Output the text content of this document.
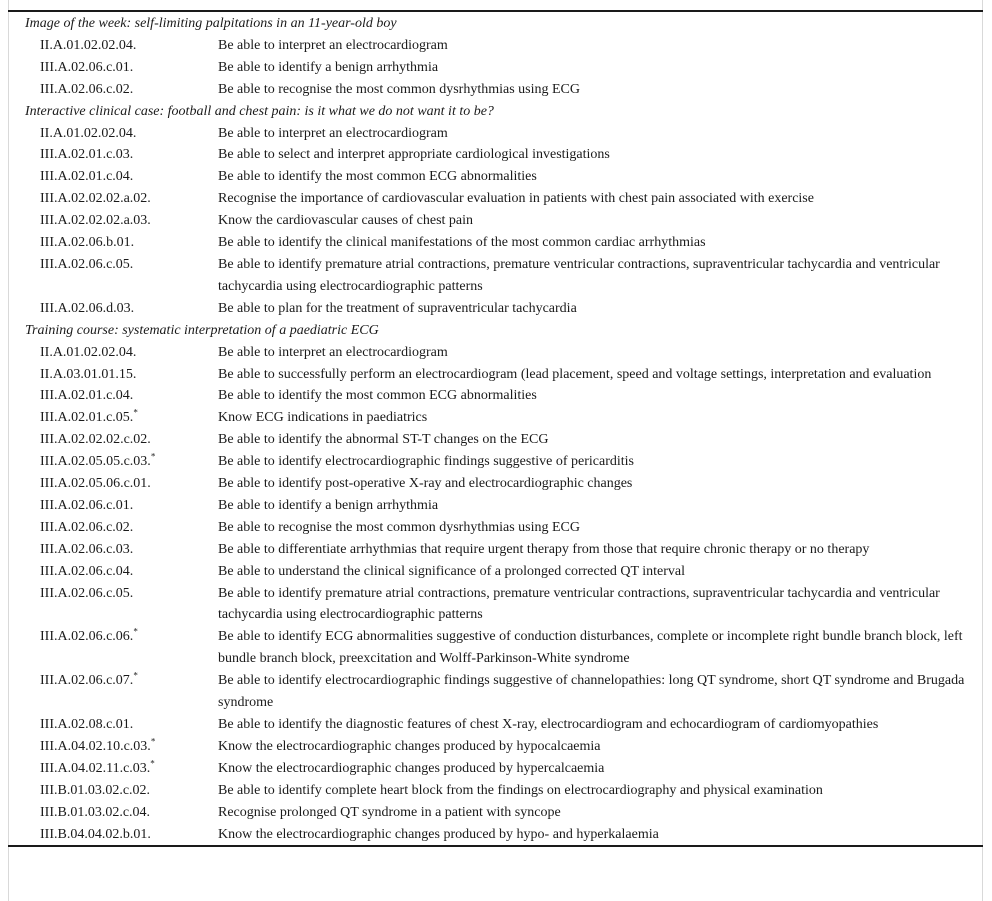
Image of the week: self-limiting palpitations in an 11-year-old boy
II.A.01.02.02.04.	Be able to interpret an electrocardiogram
III.A.02.06.c.01.	Be able to identify a benign arrhythmia
III.A.02.06.c.02.	Be able to recognise the most common dysrhythmias using ECG
Interactive clinical case: football and chest pain: is it what we do not want it to be?
II.A.01.02.02.04.	Be able to interpret an electrocardiogram
III.A.02.01.c.03.	Be able to select and interpret appropriate cardiological investigations
III.A.02.01.c.04.	Be able to identify the most common ECG abnormalities
III.A.02.02.02.a.02.	Recognise the importance of cardiovascular evaluation in patients with chest pain associated with exercise
III.A.02.02.02.a.03.	Know the cardiovascular causes of chest pain
III.A.02.06.b.01.	Be able to identify the clinical manifestations of the most common cardiac arrhythmias
III.A.02.06.c.05.	Be able to identify premature atrial contractions, premature ventricular contractions, supraventricular tachycardia and ventricular tachycardia using electrocardiographic patterns
III.A.02.06.d.03.	Be able to plan for the treatment of supraventricular tachycardia
Training course: systematic interpretation of a paediatric ECG
II.A.01.02.02.04.	Be able to interpret an electrocardiogram
II.A.03.01.01.15.	Be able to successfully perform an electrocardiogram (lead placement, speed and voltage settings, interpretation and evaluation
III.A.02.01.c.04.	Be able to identify the most common ECG abnormalities
III.A.02.01.c.05.*	Know ECG indications in paediatrics
III.A.02.02.02.c.02.	Be able to identify the abnormal ST-T changes on the ECG
III.A.02.05.05.c.03.*	Be able to identify electrocardiographic findings suggestive of pericarditis
III.A.02.05.06.c.01.	Be able to identify post-operative X-ray and electrocardiographic changes
III.A.02.06.c.01.	Be able to identify a benign arrhythmia
III.A.02.06.c.02.	Be able to recognise the most common dysrhythmias using ECG
III.A.02.06.c.03.	Be able to differentiate arrhythmias that require urgent therapy from those that require chronic therapy or no therapy
III.A.02.06.c.04.	Be able to understand the clinical significance of a prolonged corrected QT interval
III.A.02.06.c.05.	Be able to identify premature atrial contractions, premature ventricular contractions, supraventricular tachycardia and ventricular tachycardia using electrocardiographic patterns
III.A.02.06.c.06.*	Be able to identify ECG abnormalities suggestive of conduction disturbances, complete or incomplete right bundle branch block, left bundle branch block, preexcitation and Wolff-Parkinson-White syndrome
III.A.02.06.c.07.*	Be able to identify electrocardiographic findings suggestive of channelopathies: long QT syndrome, short QT syndrome and Brugada syndrome
III.A.02.08.c.01.	Be able to identify the diagnostic features of chest X-ray, electrocardiogram and echocardiogram of cardiomyopathies
III.A.04.02.10.c.03.*	Know the electrocardiographic changes produced by hypocalcaemia
III.A.04.02.11.c.03.*	Know the electrocardiographic changes produced by hypercalcaemia
III.B.01.03.02.c.02.	Be able to identify complete heart block from the findings on electrocardiography and physical examination
III.B.01.03.02.c.04.	Recognise prolonged QT syndrome in a patient with syncope
III.B.04.04.02.b.01.	Know the electrocardiographic changes produced by hypo- and hyperkalaemia
